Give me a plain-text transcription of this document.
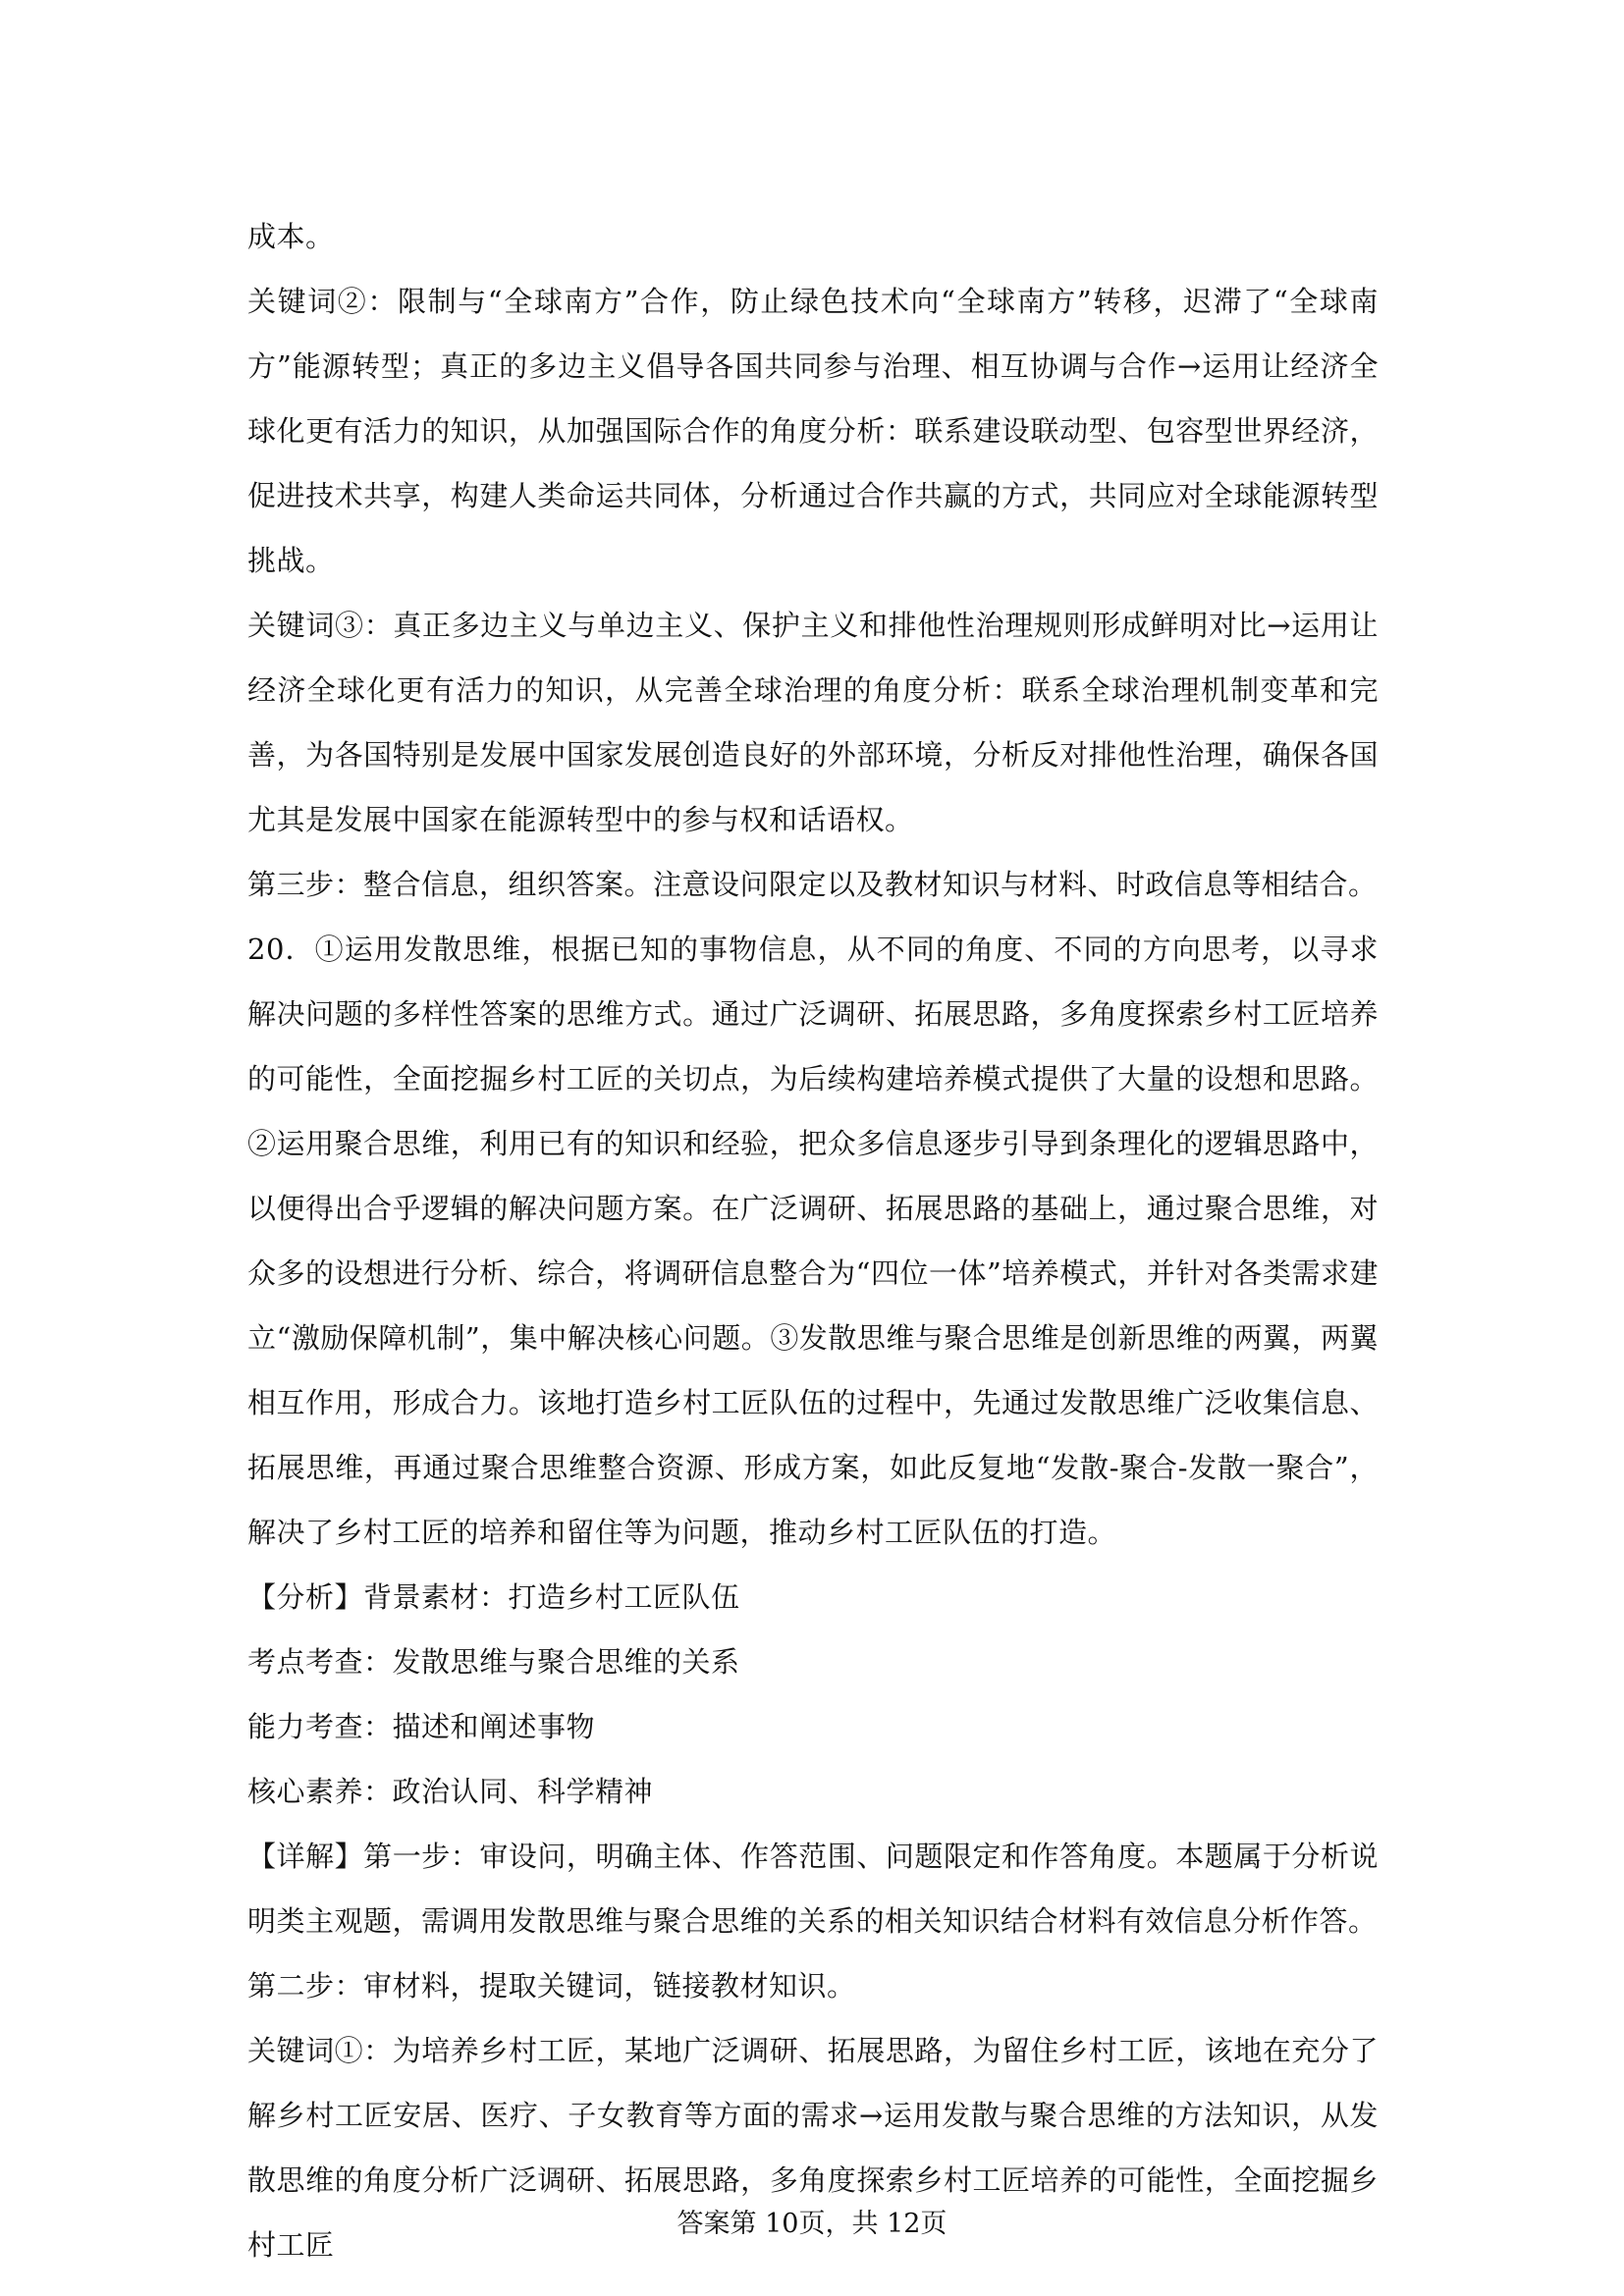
成本。

关键词②：限制与“全球南方”合作，防止绿色技术向“全球南方”转移，迟滞了“全球南方”能源转型；真正的多边主义倡导各国共同参与治理、相互协调与合作→运用让经济全球化更有活力的知识，从加强国际合作的角度分析：联系建设联动型、包容型世界经济，促进技术共享，构建人类命运共同体，分析通过合作共赢的方式，共同应对全球能源转型挑战。

关键词③：真正多边主义与单边主义、保护主义和排他性治理规则形成鲜明对比→运用让经济全球化更有活力的知识，从完善全球治理的角度分析：联系全球治理机制变革和完善，为各国特别是发展中国家发展创造良好的外部环境，分析反对排他性治理，确保各国尤其是发展中国家在能源转型中的参与权和话语权。

第三步：整合信息，组织答案。注意设问限定以及教材知识与材料、时政信息等相结合。

20．①运用发散思维，根据已知的事物信息，从不同的角度、不同的方向思考，以寻求解决问题的多样性答案的思维方式。通过广泛调研、拓展思路，多角度探索乡村工匠培养的可能性，全面挖掘乡村工匠的关切点，为后续构建培养模式提供了大量的设想和思路。②运用聚合思维，利用已有的知识和经验，把众多信息逐步引导到条理化的逻辑思路中，以便得出合乎逻辑的解决问题方案。在广泛调研、拓展思路的基础上，通过聚合思维，对众多的设想进行分析、综合，将调研信息整合为“四位一体”培养模式，并针对各类需求建立“激励保障机制”，集中解决核心问题。③发散思维与聚合思维是创新思维的两翼，两翼相互作用，形成合力。该地打造乡村工匠队伍的过程中，先通过发散思维广泛收集信息、拓展思维，再通过聚合思维整合资源、形成方案，如此反复地“发散-聚合-发散一聚合”，解决了乡村工匠的培养和留住等为问题，推动乡村工匠队伍的打造。

【分析】背景素材：打造乡村工匠队伍

考点考查：发散思维与聚合思维的关系

能力考查：描述和阐述事物

核心素养：政治认同、科学精神

【详解】第一步：审设问，明确主体、作答范围、问题限定和作答角度。本题属于分析说明类主观题，需调用发散思维与聚合思维的关系的相关知识结合材料有效信息分析作答。

第二步：审材料，提取关键词，链接教材知识。

关键词①：为培养乡村工匠，某地广泛调研、拓展思路，为留住乡村工匠，该地在充分了解乡村工匠安居、医疗、子女教育等方面的需求→运用发散与聚合思维的方法知识，从发散思维的角度分析广泛调研、拓展思路，多角度探索乡村工匠培养的可能性，全面挖掘乡村工匠

答案第 10页，共 12页
